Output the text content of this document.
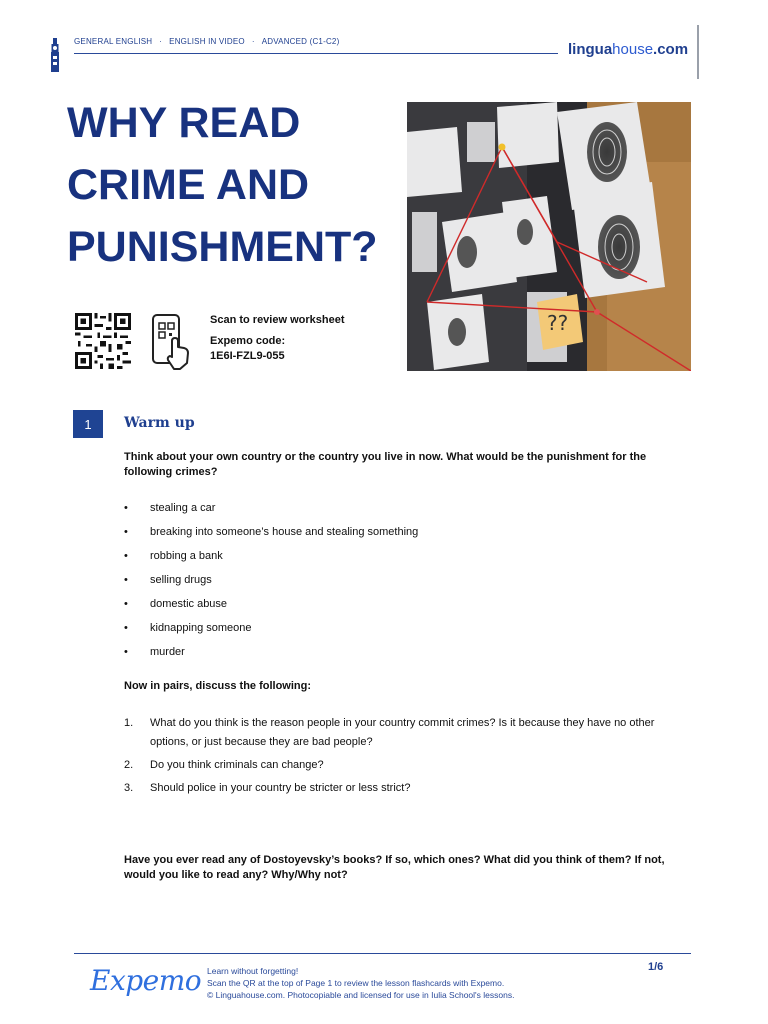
GENERAL ENGLISH · ENGLISH IN VIDEO · ADVANCED (C1-C2)	linguahouse.com
WHY READ
CRIME AND
PUNISHMENT?
??
Scan to review worksheet
Expemo code:
1E6I-FZL9-055
1	Warm up
Think about your own country or the country you live in now. What would be the punishment for the following crimes?
• stealing a car
• breaking into someone’s house and stealing something
• robbing a bank
• selling drugs
• domestic abuse
• kidnapping someone
• murder
Now in pairs, discuss the following:
1. What do you think is the reason people in your country commit crimes? Is it because they have no other options, or just because they are bad people?
2. Do you think criminals can change?
3. Should police in your country be stricter or less strict?
Have you ever read any of Dostoyevsky’s books? If so, which ones? What did you think of them? If not, would you like to read any? Why/Why not?
Expemo Learn without forgetting!
Scan the QR at the top of Page 1 to review the lesson flashcards with Expemo.
© Linguahouse.com. Photocopiable and licensed for use in Iulia School's lessons.
1/6
